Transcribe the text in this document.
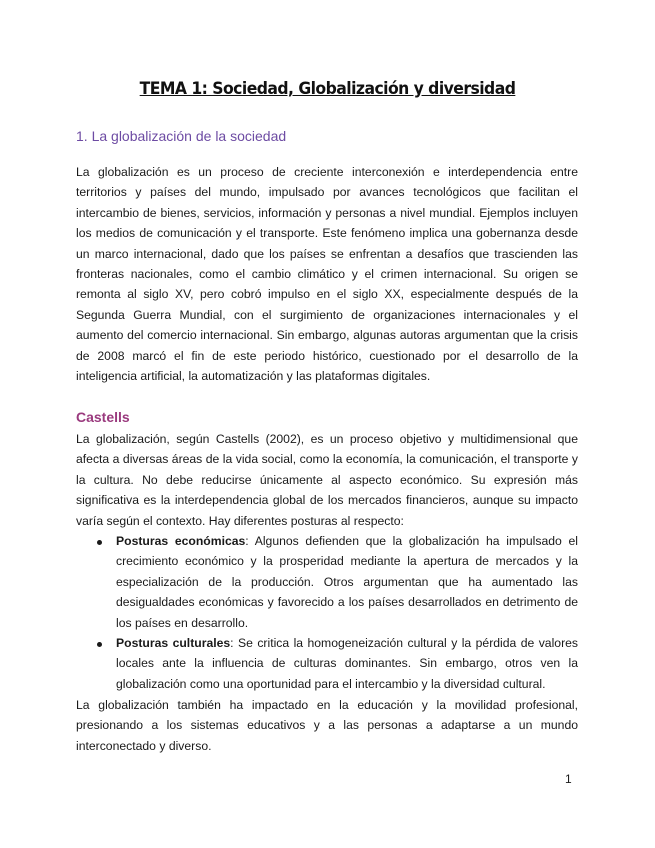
TEMA 1: Sociedad, Globalización y diversidad
1. La globalización de la sociedad

La globalización es un proceso de creciente interconexión e interdependencia entre territorios y países del mundo, impulsado por avances tecnológicos que facilitan el intercambio de bienes, servicios, información y personas a nivel mundial. Ejemplos incluyen los medios de comunicación y el transporte. Este fenómeno implica una gobernanza desde un marco internacional, dado que los países se enfrentan a desafíos que trascienden las fronteras nacionales, como el cambio climático y el crimen internacional. Su origen se remonta al siglo XV, pero cobró impulso en el siglo XX, especialmente después de la Segunda Guerra Mundial, con el surgimiento de organizaciones internacionales y el aumento del comercio internacional. Sin embargo, algunas autoras argumentan que la crisis de 2008 marcó el fin de este periodo histórico, cuestionado por el desarrollo de la inteligencia artificial, la automatización y las plataformas digitales.

Castells

La globalización, según Castells (2002), es un proceso objetivo y multidimensional que afecta a diversas áreas de la vida social, como la economía, la comunicación, el transporte y la cultura. No debe reducirse únicamente al aspecto económico. Su expresión más significativa es la interdependencia global de los mercados financieros, aunque su impacto varía según el contexto. Hay diferentes posturas al respecto:

Posturas económicas: Algunos defienden que la globalización ha impulsado el crecimiento económico y la prosperidad mediante la apertura de mercados y la especialización de la producción. Otros argumentan que ha aumentado las desigualdades económicas y favorecido a los países desarrollados en detrimento de los países en desarrollo.
Posturas culturales: Se critica la homogeneización cultural y la pérdida de valores locales ante la influencia de culturas dominantes. Sin embargo, otros ven la globalización como una oportunidad para el intercambio y la diversidad cultural.

La globalización también ha impactado en la educación y la movilidad profesional, presionando a los sistemas educativos y a las personas a adaptarse a un mundo interconectado y diverso.

1
